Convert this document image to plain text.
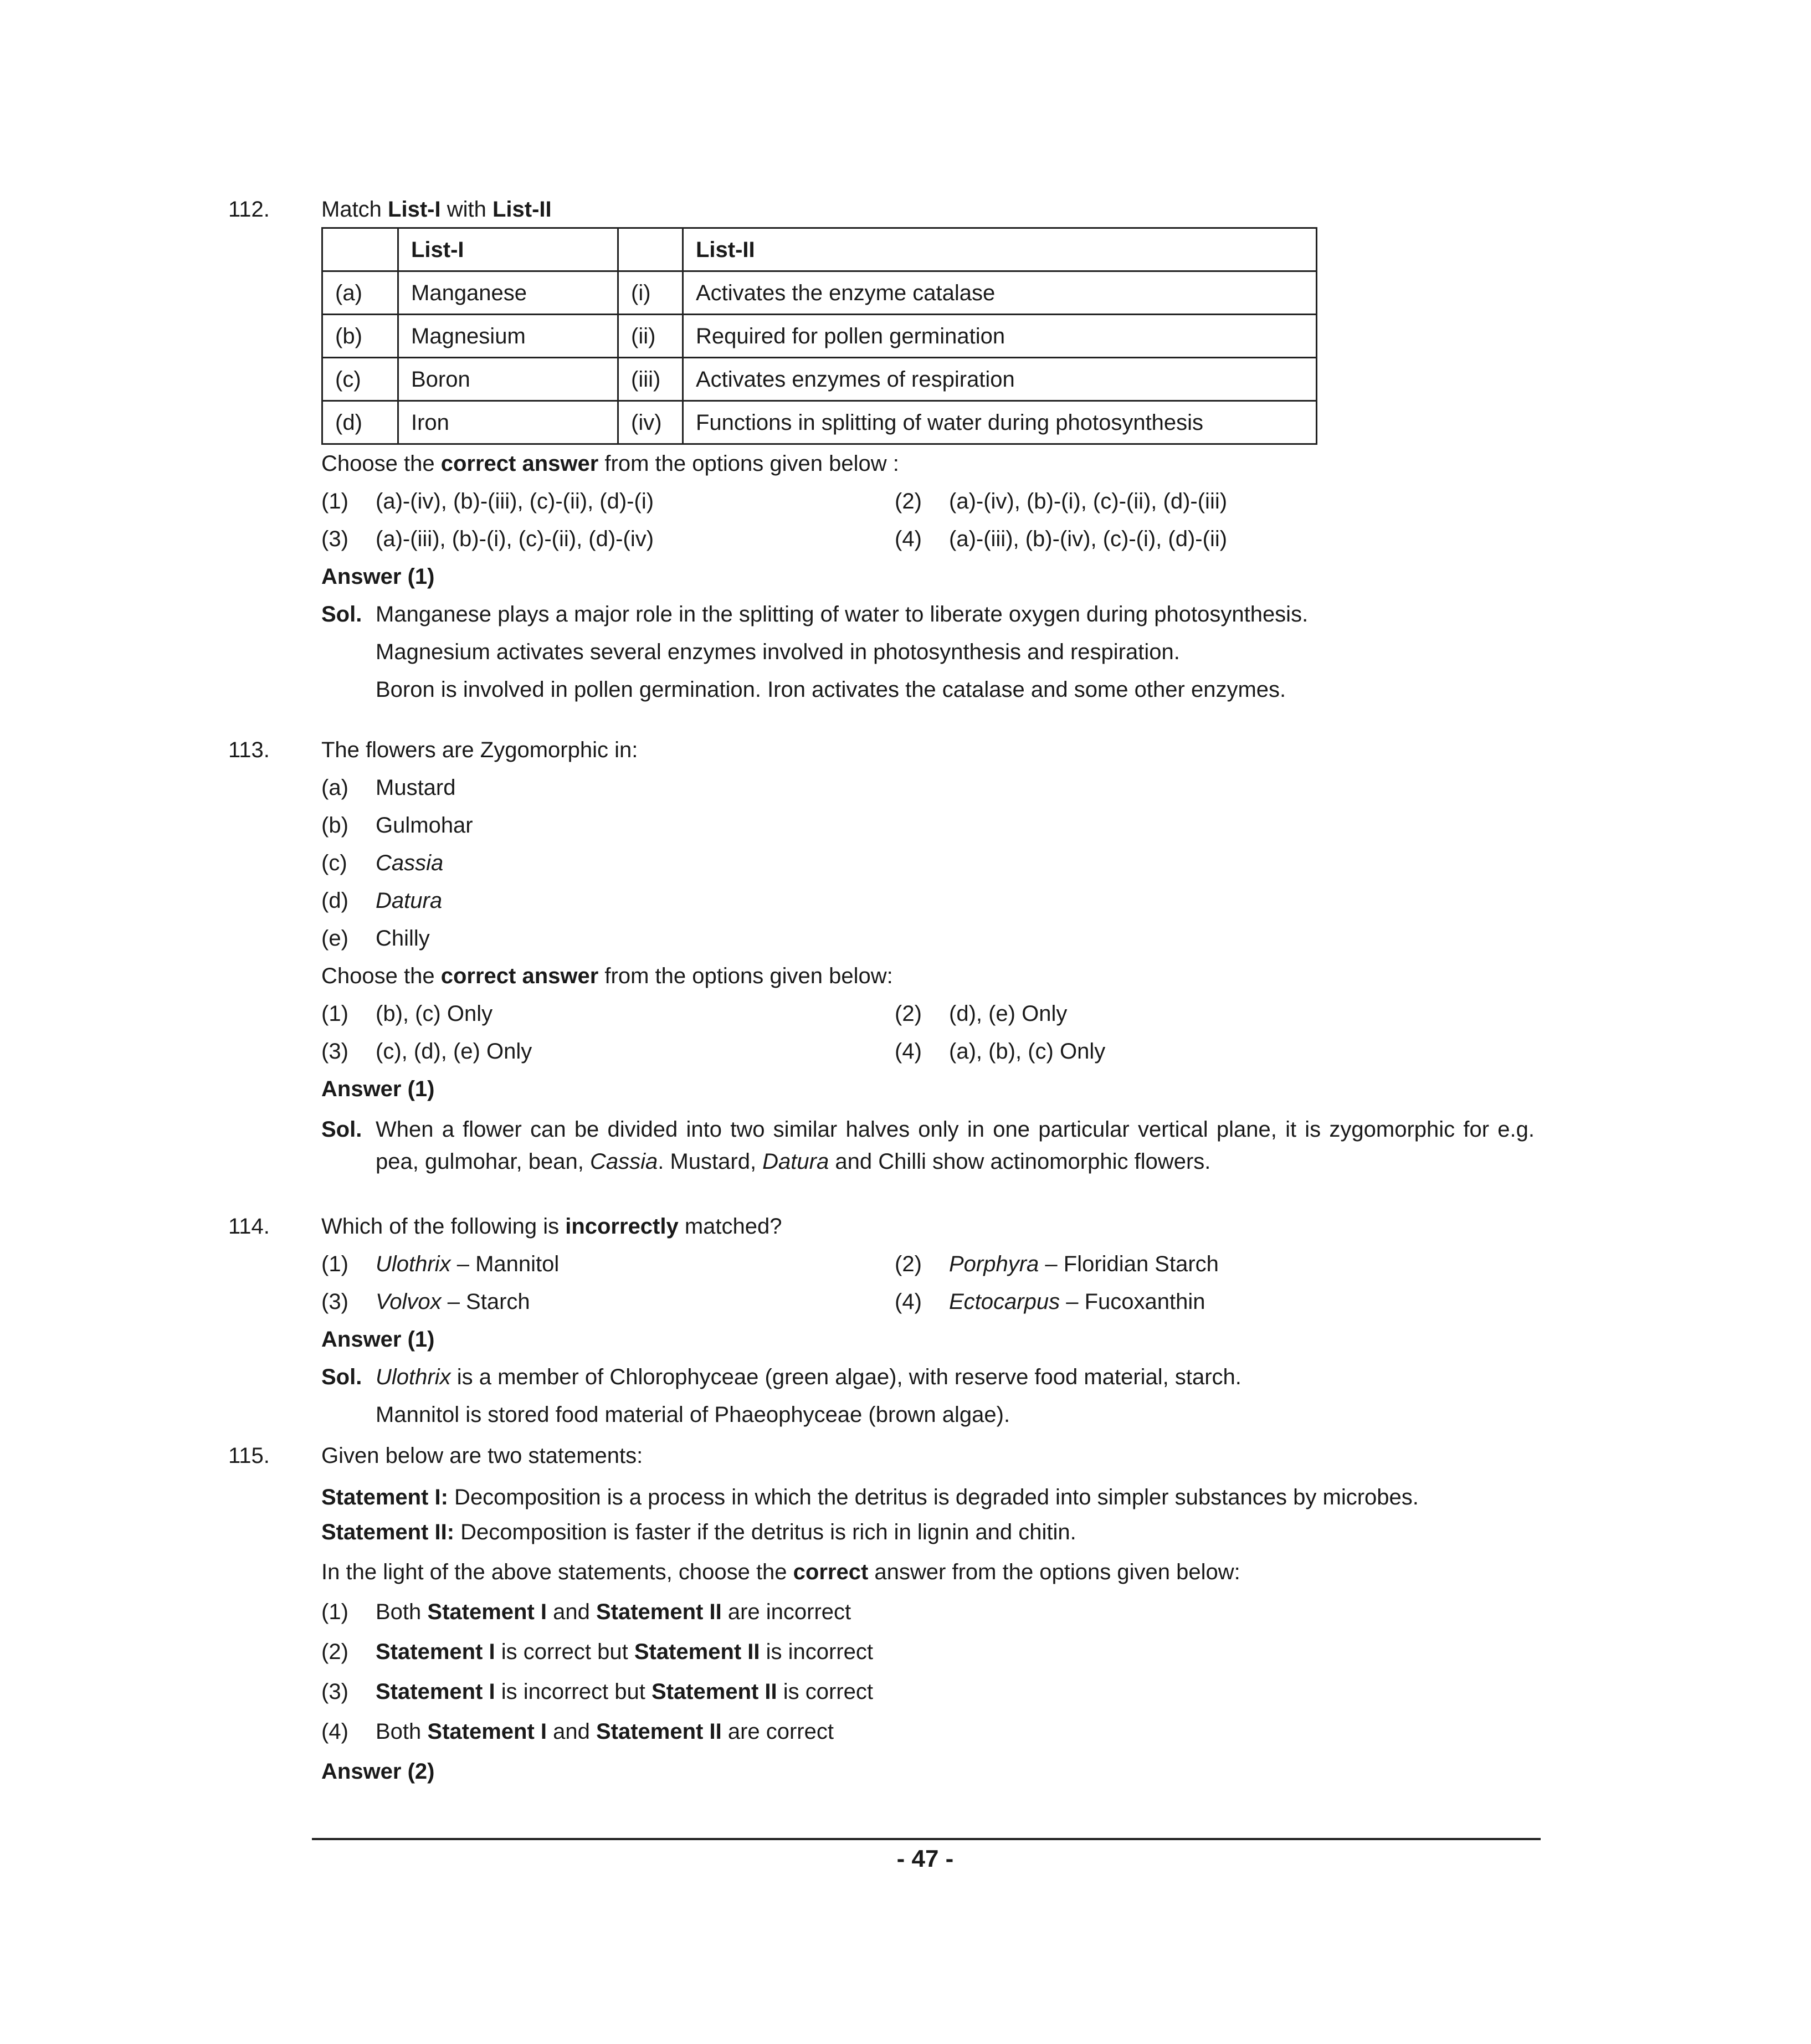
112.	Match List-I with List-II
	List-I		List-II
(a)	Manganese	(i)	Activates the enzyme catalase
(b)	Magnesium	(ii)	Required for pollen germination
(c)	Boron	(iii)	Activates enzymes of respiration
(d)	Iron	(iv)	Functions in splitting of water during photosynthesis
Choose the correct answer from the options given below :
(1) (a)-(iv), (b)-(iii), (c)-(ii), (d)-(i)	(2) (a)-(iv), (b)-(i), (c)-(ii), (d)-(iii)
(3) (a)-(iii), (b)-(i), (c)-(ii), (d)-(iv)	(4) (a)-(iii), (b)-(iv), (c)-(i), (d)-(ii)
Answer (1)
Sol. Manganese plays a major role in the splitting of water to liberate oxygen during photosynthesis.
Magnesium activates several enzymes involved in photosynthesis and respiration.
Boron is involved in pollen germination. Iron activates the catalase and some other enzymes.
113.	The flowers are Zygomorphic in:
(a)	Mustard
(b)	Gulmohar
(c)	Cassia
(d)	Datura
(e)	Chilly
Choose the correct answer from the options given below:
(1) (b), (c) Only	(2) (d), (e) Only
(3) (c), (d), (e) Only	(4) (a), (b), (c) Only
Answer (1)
Sol. When a flower can be divided into two similar halves only in one particular vertical plane, it is zygomorphic for e.g. pea, gulmohar, bean, Cassia. Mustard, Datura and Chilli show actinomorphic flowers.
114.	Which of the following is incorrectly matched?
(1) Ulothrix – Mannitol	(2) Porphyra – Floridian Starch
(3) Volvox – Starch	(4) Ectocarpus – Fucoxanthin
Answer (1)
Sol. Ulothrix is a member of Chlorophyceae (green algae), with reserve food material, starch.
Mannitol is stored food material of Phaeophyceae (brown algae).
115.	Given below are two statements:
Statement I: Decomposition is a process in which the detritus is degraded into simpler substances by microbes.
Statement II: Decomposition is faster if the detritus is rich in lignin and chitin.
In the light of the above statements, choose the correct answer from the options given below:
(1)	Both Statement I and Statement II are incorrect
(2)	Statement I is correct but Statement II is incorrect
(3)	Statement I is incorrect but Statement II is correct
(4)	Both Statement I and Statement II are correct
Answer (2)
- 47 -
